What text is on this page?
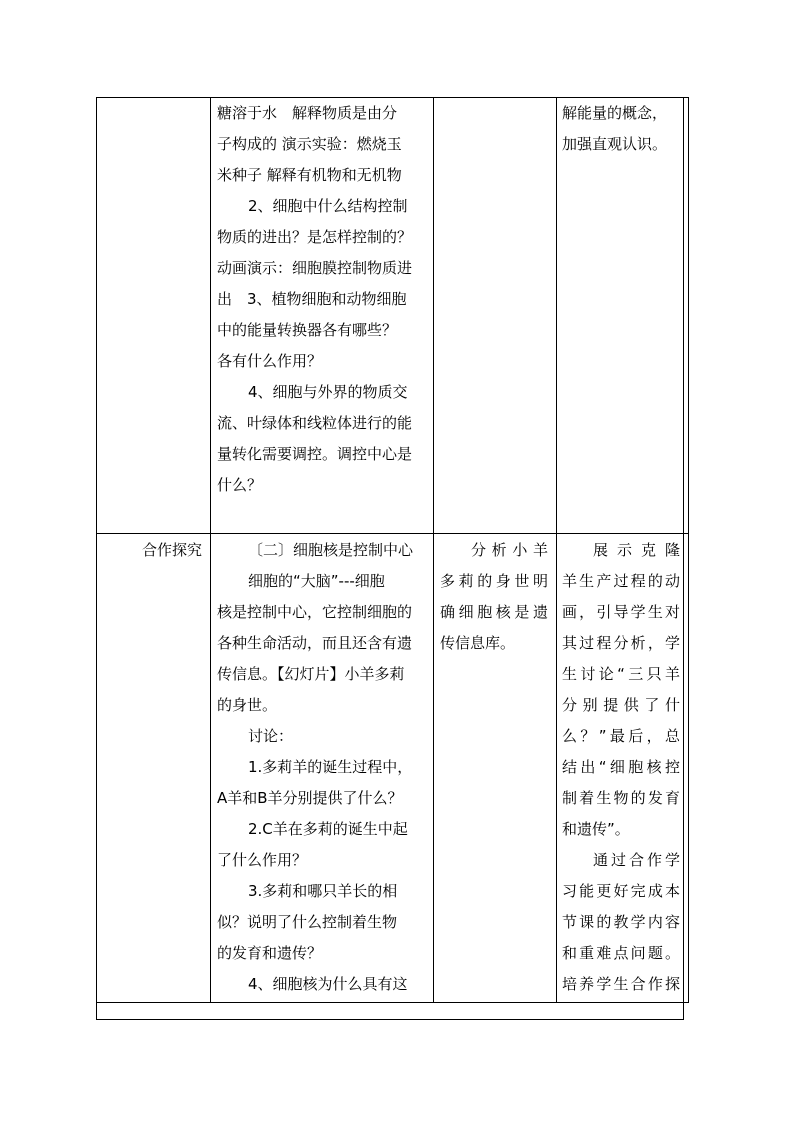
糖溶于水　解释物质是由分

子构成的 演示实验：燃烧玉

米种子 解释有机物和无机物

2、细胞中什么结构控制

物质的进出？是怎样控制的？

动画演示：细胞膜控制物质进

出　3、植物细胞和动物细胞

中的能量转换器各有哪些？

各有什么作用？

4、细胞与外界的物质交

流、叶绿体和线粒体进行的能

量转化需要调控。调控中心是

什么？

解能量的概念，

加强直观认识。

合作探究	〔二〕细胞核是控制中心

细胞的“大脑”---细胞

核是控制中心，它控制细胞的

各种生命活动，而且还含有遗

传信息。【幻灯片】小羊多莉

的身世。

讨论：

1.多莉羊的诞生过程中，

A羊和B羊分别提供了什么？

2.C羊在多莉的诞生中起

了什么作用？

3.多莉和哪只羊长的相

似？说明了什么控制着生物

的发育和遗传？

4、细胞核为什么具有这

分析小羊

多莉的身世明

确细胞核是遗

传信息库。

展示克隆

羊生产过程的动

画，引导学生对

其过程分析，学

生讨论“三只羊

分别提供了什

么？”最后，总

结出“细胞核控

制着生物的发育

和遗传”。

通过合作学

习能更好完成本

节课的教学内容

和重难点问题。

培养学生合作探
